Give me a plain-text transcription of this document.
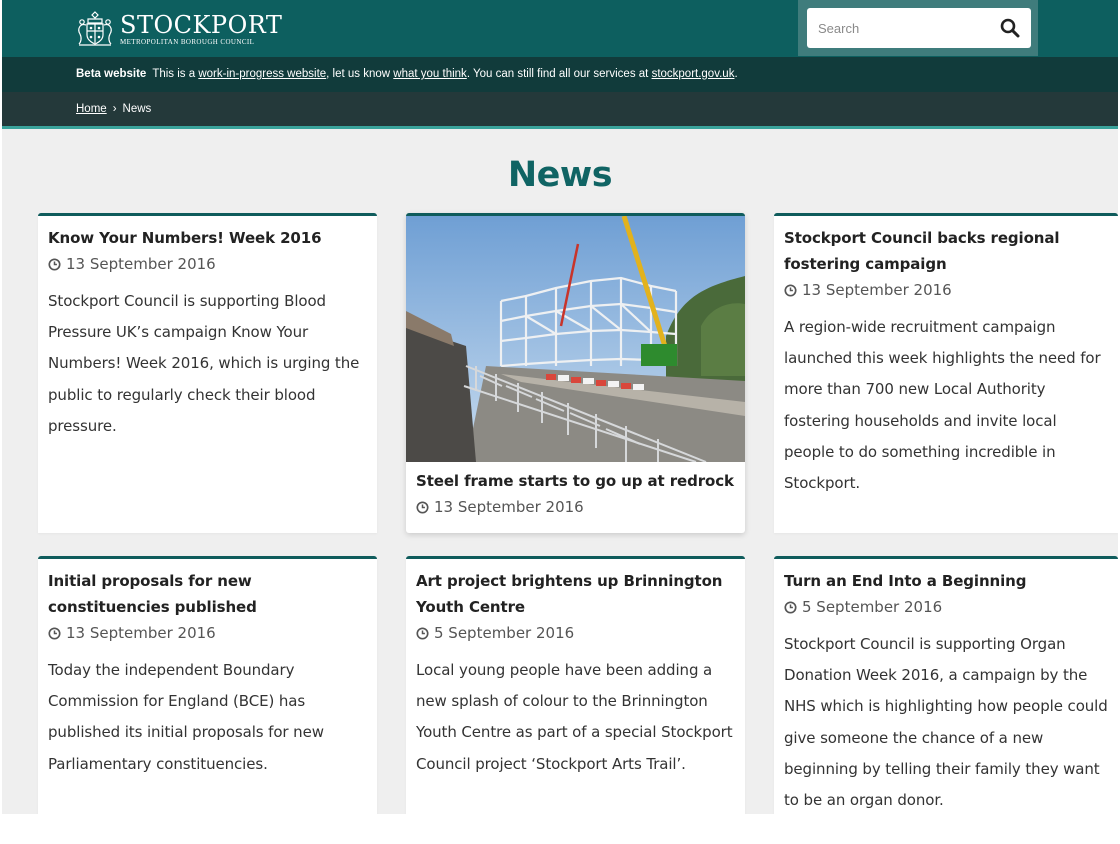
STOCKPORT
METROPOLITAN BOROUGH COUNCIL
Search
Beta website This is a work-in-progress website, let us know what you think. You can still find all our services at stockport.gov.uk.
Home › News
News
Know Your Numbers! Week 2016
13 September 2016

Stockport Council is supporting Blood Pressure UK’s campaign Know Your Numbers! Week 2016, which is urging the public to regularly check their blood pressure.

Steel frame starts to go up at redrock
13 September 2016
Stockport Council backs regional fostering campaign
13 September 2016

A region-wide recruitment campaign launched this week highlights the need for more than 700 new Local Authority fostering households and invite local people to do something incredible in Stockport.

Initial proposals for new constituencies published
13 September 2016

Today the independent Boundary Commission for England (BCE) has published its initial proposals for new Parliamentary constituencies.

Art project brightens up Brinnington Youth Centre
5 September 2016

Local young people have been adding a new splash of colour to the Brinnington Youth Centre as part of a special Stockport Council project ‘Stockport Arts Trail’.

Turn an End Into a Beginning
5 September 2016

Stockport Council is supporting Organ Donation Week 2016, a campaign by the NHS which is highlighting how people could give someone the chance of a new beginning by telling their family they want to be an organ donor.
